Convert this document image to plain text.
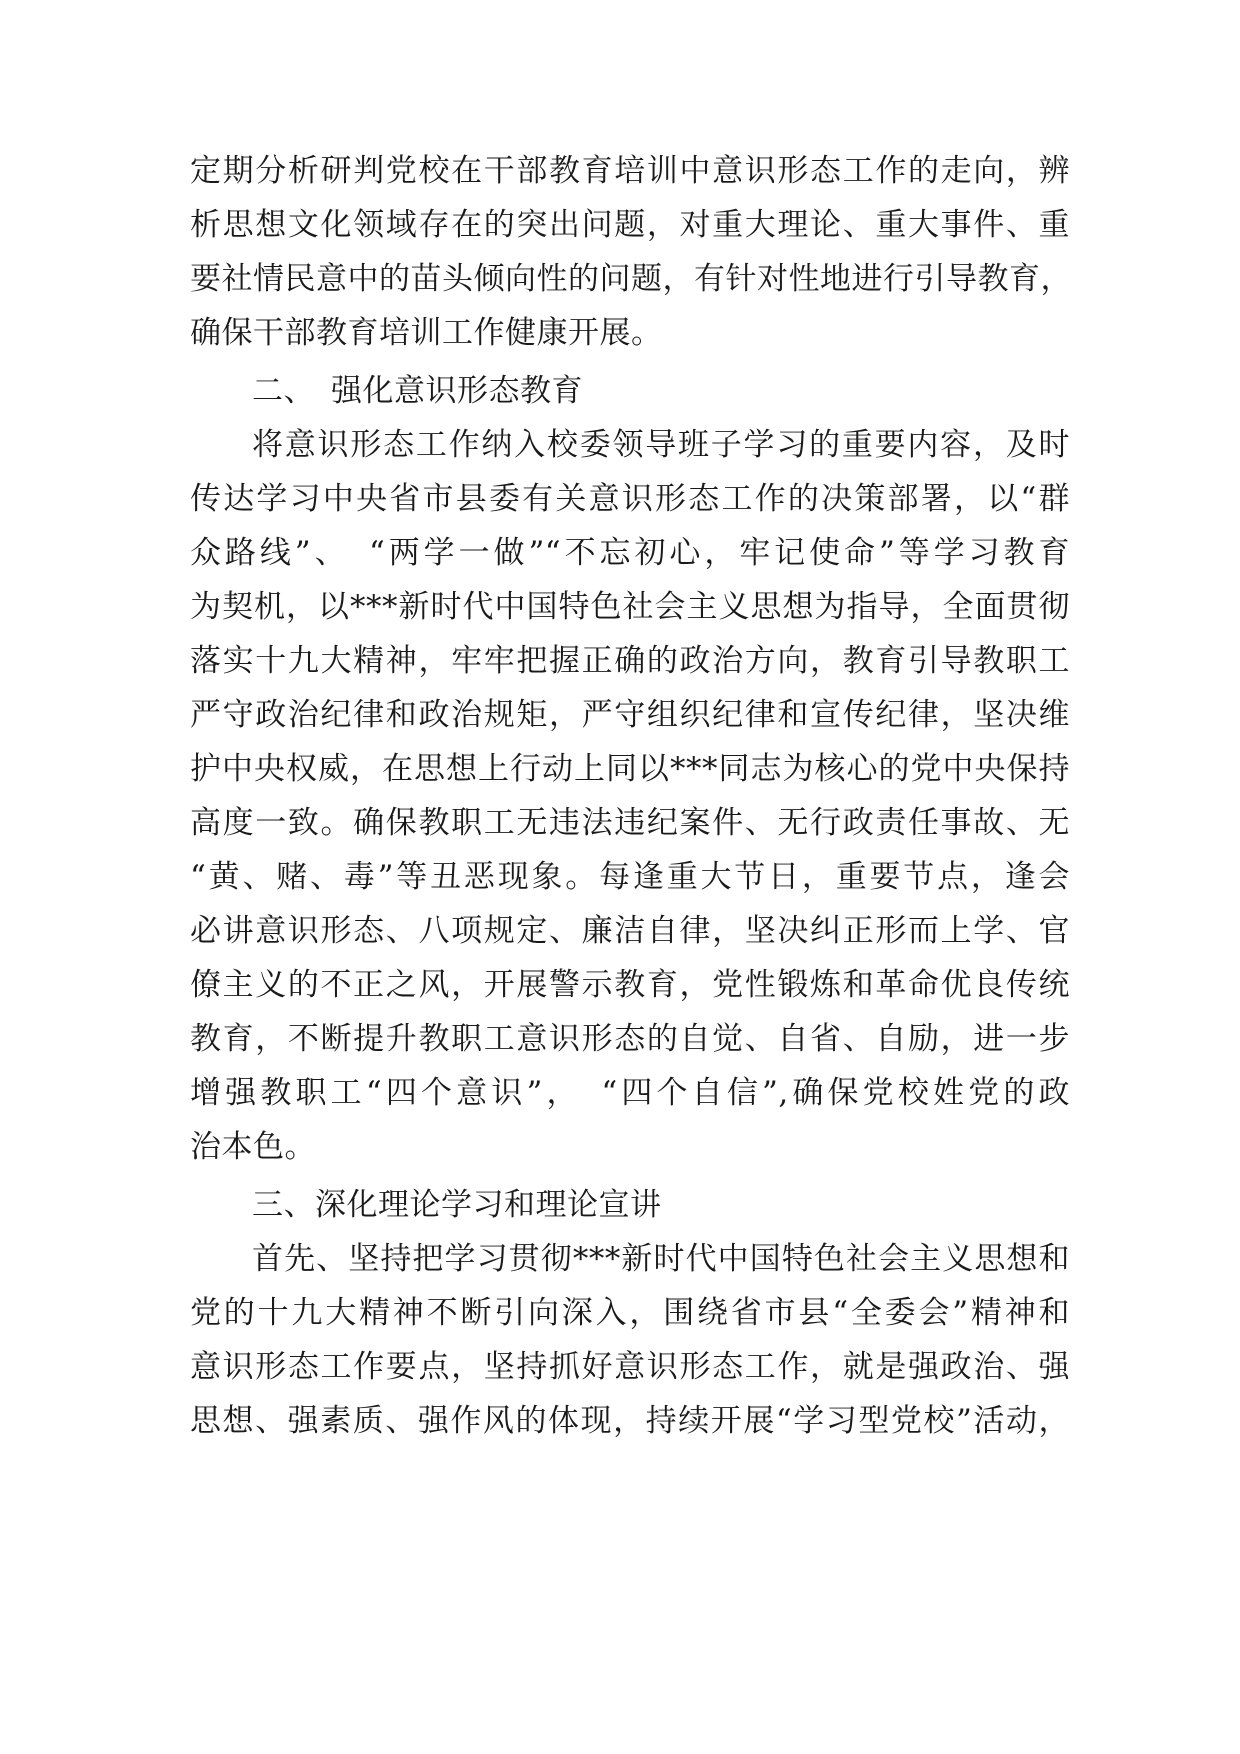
定期分析研判党校在干部教育培训中意识形态工作的走向，辨
析思想文化领域存在的突出问题，对重大理论、重大事件、重
要社情民意中的苗头倾向性的问题，有针对性地进行引导教育，
确保干部教育培训工作健康开展。
二、　强化意识形态教育
将意识形态工作纳入校委领导班子学习的重要内容，及时
传达学习中央省市县委有关意识形态工作的决策部署，以“群
众路线”、　“两学一做”“不忘初心，牢记使命”等学习教育
为契机，以***新时代中国特色社会主义思想为指导，全面贯彻
落实十九大精神，牢牢把握正确的政治方向，教育引导教职工
严守政治纪律和政治规矩，严守组织纪律和宣传纪律，坚决维
护中央权威，在思想上行动上同以***同志为核心的党中央保持
高度一致。确保教职工无违法违纪案件、无行政责任事故、无
“黄、赌、毒”等丑恶现象。每逢重大节日，重要节点，逢会
必讲意识形态、八项规定、廉洁自律，坚决纠正形而上学、官
僚主义的不正之风，开展警示教育，党性锻炼和革命优良传统
教育，不断提升教职工意识形态的自觉、自省、自励，进一步
增强教职工“四个意识”，　“四个自信”,确保党校姓党的政
治本色。
三、深化理论学习和理论宣讲
首先、坚持把学习贯彻***新时代中国特色社会主义思想和
党的十九大精神不断引向深入，围绕省市县“全委会”精神和
意识形态工作要点，坚持抓好意识形态工作，就是强政治、强
思想、强素质、强作风的体现，持续开展“学习型党校”活动，
